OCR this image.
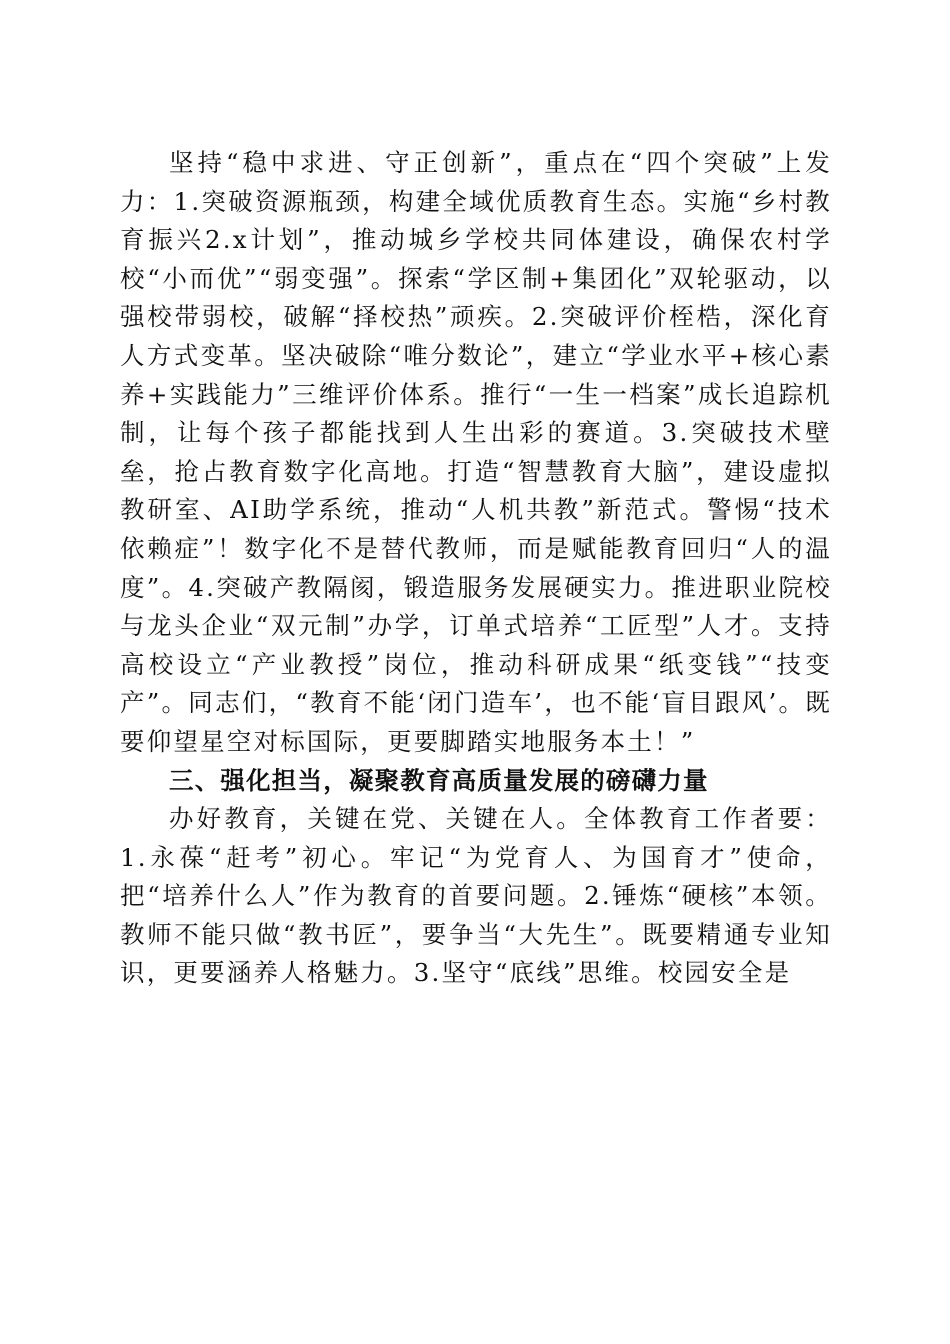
坚持“稳中求进、守正创新”，重点在“四个突破”上发力：1.突破资源瓶颈，构建全域优质教育生态。实施“乡村教育振兴2.x计划”，推动城乡学校共同体建设，确保农村学校“小而优”“弱变强”。探索“学区制+集团化”双轮驱动，以强校带弱校，破解“择校热”顽疾。2.突破评价桎梏，深化育人方式变革。坚决破除“唯分数论”，建立“学业水平+核心素养+实践能力”三维评价体系。推行“一生一档案”成长追踪机制，让每个孩子都能找到人生出彩的赛道。3.突破技术壁垒，抢占教育数字化高地。打造“智慧教育大脑”，建设虚拟教研室、AI助学系统，推动“人机共教”新范式。警惕“技术依赖症”！数字化不是替代教师，而是赋能教育回归“人的温度”。4.突破产教隔阂，锻造服务发展硬实力。推进职业院校与龙头企业“双元制”办学，订单式培养“工匠型”人才。支持高校设立“产业教授”岗位，推动科研成果“纸变钱”“技变产”。同志们，“教育不能‘闭门造车’，也不能‘盲目跟风’。既要仰望星空对标国际，更要脚踏实地服务本土！”

三、强化担当，凝聚教育高质量发展的磅礴力量

办好教育，关键在党、关键在人。全体教育工作者要：1.永葆“赶考”初心。牢记“为党育人、为国育才”使命，把“培养什么人”作为教育的首要问题。2.锤炼“硬核”本领。教师不能只做“教书匠”，要争当“大先生”。既要精通专业知识，更要涵养人格魅力。3.坚守“底线”思维。校园安全是
